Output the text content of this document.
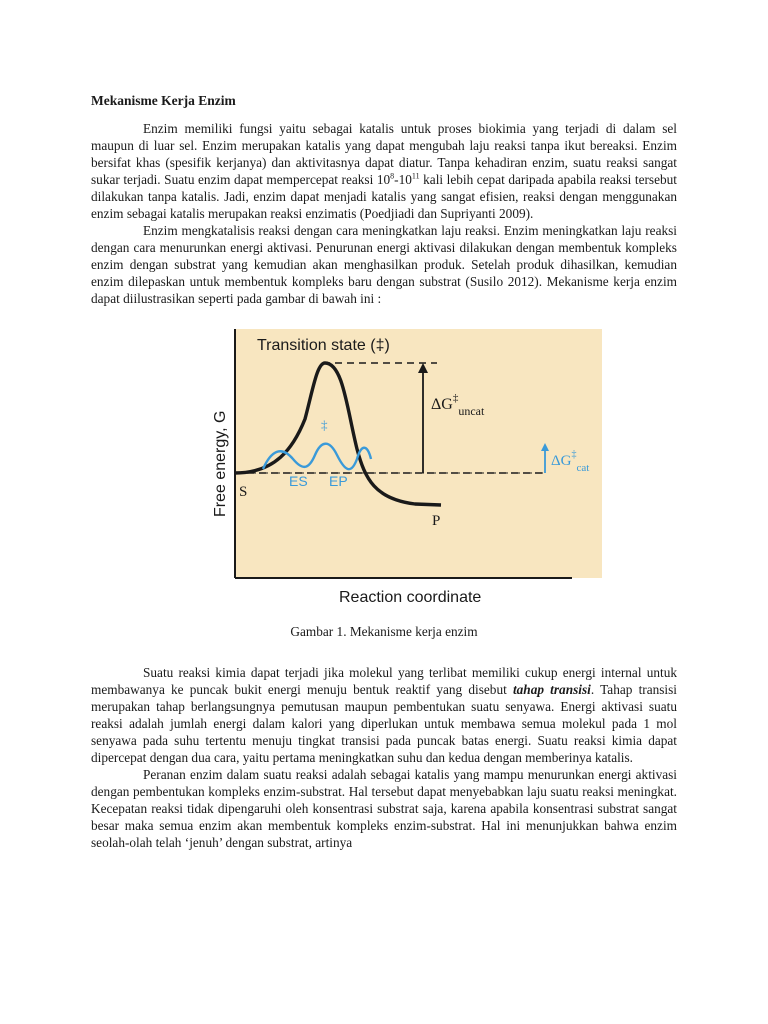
Mekanisme Kerja Enzim

Enzim memiliki fungsi yaitu sebagai katalis untuk proses biokimia yang terjadi di dalam sel maupun di luar sel. Enzim merupakan katalis yang dapat mengubah laju reaksi tanpa ikut bereaksi. Enzim bersifat khas (spesifik kerjanya) dan aktivitasnya dapat diatur. Tanpa kehadiran enzim, suatu reaksi sangat sukar terjadi. Suatu enzim dapat mempercepat reaksi $10^8-10^{11}$ kali lebih cepat daripada apabila reaksi tersebut dilakukan tanpa katalis. Jadi, enzim dapat menjadi katalis yang sangat efisien, reaksi dengan menggunakan enzim sebagai katalis merupakan reaksi enzimatis (Poedjiadi dan Supriyanti 2009).

Enzim mengkatalisis reaksi dengan cara meningkatkan laju reaksi. Enzim meningkatkan laju reaksi dengan cara menurunkan energi aktivasi. Penurunan energi aktivasi dilakukan dengan membentuk kompleks enzim dengan substrat yang kemudian akan menghasilkan produk. Setelah produk dihasilkan, kemudian enzim dilepaskan untuk membentuk kompleks baru dengan substrat (Susilo 2012). Mekanisme kerja enzim dapat diilustrasikan seperti pada gambar di bawah ini :

Transition state (‡)
$\Delta G^\ddagger_{uncat}$
$\Delta G^\ddagger_{cat}$
‡
ES EP
S
P
Reaction coordinate
Free energy, G
Gambar 1. Mekanisme kerja enzim

Suatu reaksi kimia dapat terjadi jika molekul yang terlibat memiliki cukup energi internal untuk membawanya ke puncak bukit energi menuju bentuk reaktif yang disebut tahap transisi. Tahap transisi merupakan tahap berlangsungnya pemutusan maupun pembentukan suatu senyawa. Energi aktivasi suatu reaksi adalah jumlah energi dalam kalori yang diperlukan untuk membawa semua molekul pada 1 mol senyawa pada suhu tertentu menuju tingkat transisi pada puncak batas energi. Suatu reaksi kimia dapat dipercepat dengan dua cara, yaitu pertama meningkatkan suhu dan kedua dengan memberinya katalis.

Peranan enzim dalam suatu reaksi adalah sebagai katalis yang mampu menurunkan energi aktivasi dengan pembentukan kompleks enzim-substrat. Hal tersebut dapat menyebabkan laju suatu reaksi meningkat. Kecepatan reaksi tidak dipengaruhi oleh konsentrasi substrat saja, karena apabila konsentrasi substrat sangat besar maka semua enzim akan membentuk kompleks enzim-substrat. Hal ini menunjukkan bahwa enzim seolah-olah telah ‘jenuh’ dengan substrat, artinya
